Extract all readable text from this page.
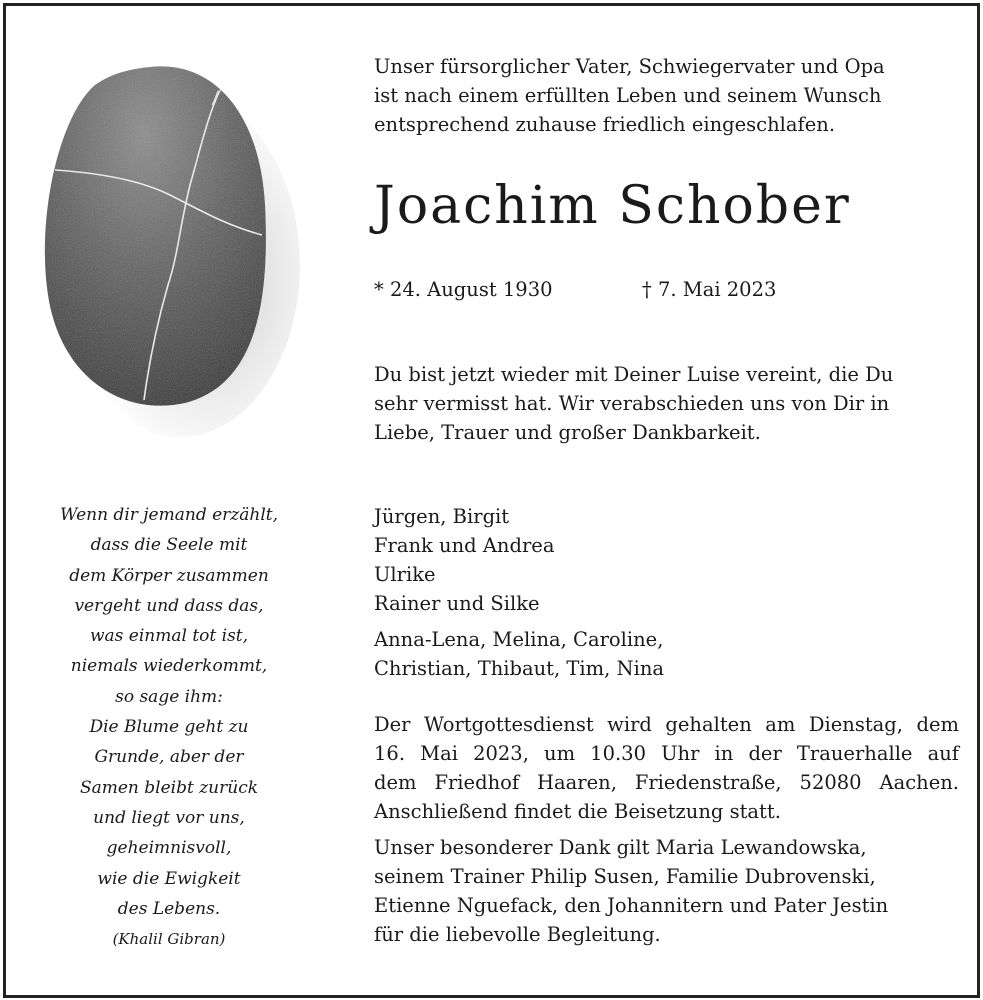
Unser fürsorglicher Vater, Schwiegervater und Opa
ist nach einem erfüllten Leben und seinem Wunsch
entsprechend zuhause friedlich eingeschlafen.
Joachim Schober
* 24. August 1930	† 7. Mai 2023
Du bist jetzt wieder mit Deiner Luise vereint, die Du
sehr vermisst hat. Wir verabschieden uns von Dir in
Liebe, Trauer und großer Dankbarkeit.
Jürgen, Birgit
Frank und Andrea
Ulrike
Rainer und Silke
Anna-Lena, Melina, Caroline,
Christian, Thibaut, Tim, Nina
Der Wortgottesdienst wird gehalten am Dienstag, dem
16. Mai 2023, um 10.30 Uhr in der Trauerhalle auf
dem Friedhof Haaren, Friedenstraße, 52080 Aachen.
Anschließend findet die Beisetzung statt.
Unser besonderer Dank gilt Maria Lewandowska,
seinem Trainer Philip Susen, Familie Dubrovenski,
Etienne Nguefack, den Johannitern und Pater Jestin
für die liebevolle Begleitung.
Wenn dir jemand erzählt,
dass die Seele mit
dem Körper zusammen
vergeht und dass das,
was einmal tot ist,
niemals wiederkommt,
so sage ihm:
Die Blume geht zu
Grunde, aber der
Samen bleibt zurück
und liegt vor uns,
geheimnisvoll,
wie die Ewigkeit
des Lebens.
(Khalil Gibran)
